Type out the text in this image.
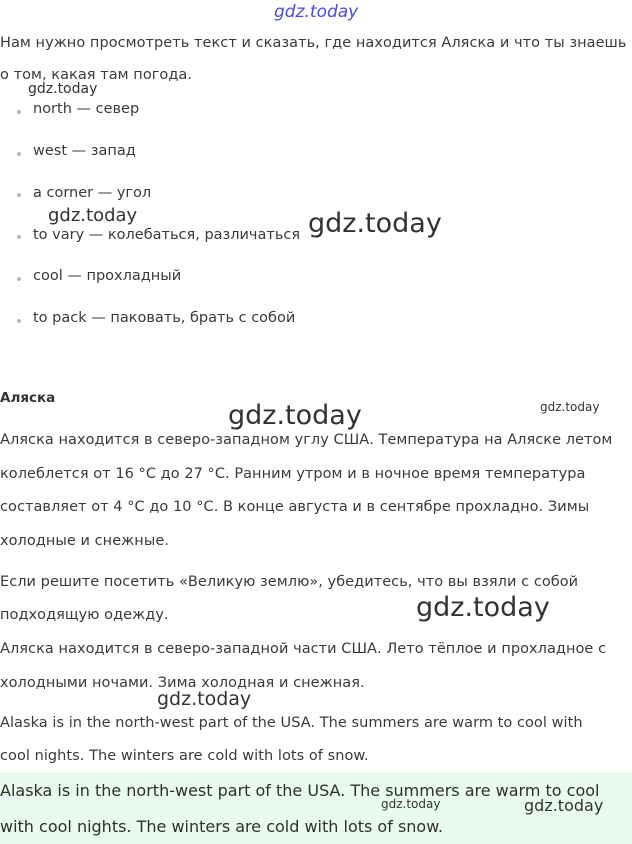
gdz.today
Нам нужно просмотреть текст и сказать, где находится Аляска и что ты знаешь
о том, какая там погода.
gdz.today
north — север
west — запад
a corner — угол
to vary — колебаться, различаться
cool — прохладный
to pack — паковать, брать с собой
gdz.today	gdz.today
Аляска
gdz.today	gdz.today
Аляска находится в северо-западном углу США. Температура на Аляске летом
колеблется от 16 °C до 27 °C. Ранним утром и в ночное время температура
составляет от 4 °C до 10 °C. В конце августа и в сентябре прохладно. Зимы
холодные и снежные.
Если решите посетить «Великую землю», убедитесь, что вы взяли с собой
подходящую одежду.	gdz.today
Аляска находится в северо-западной части США. Лето тёплое и прохладное с
холодными ночами. Зима холодная и снежная.
gdz.today
Alaska is in the north-west part of the USA. The summers are warm to cool with
cool nights. The winters are cold with lots of snow.
Alaska is in the north-west part of the USA. The summers are warm to cool
with cool nights. The winters are cold with lots of snow.
gdz.today	gdz.today
